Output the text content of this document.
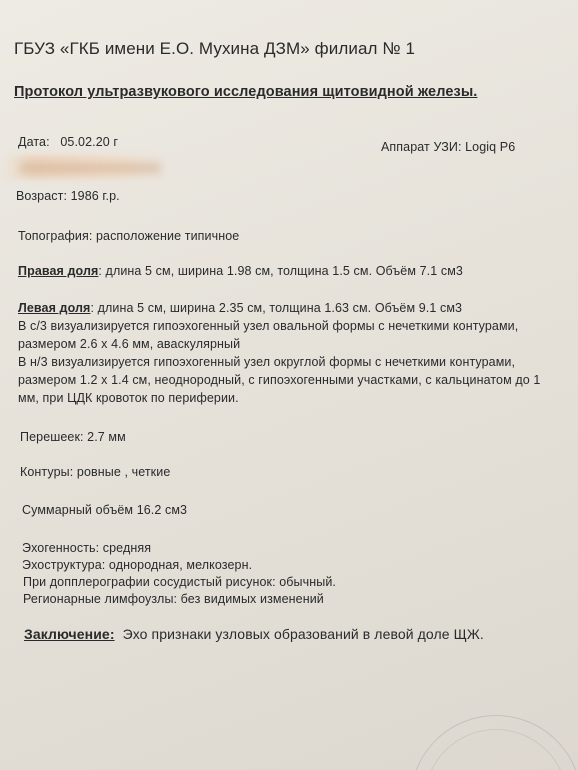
ГБУЗ «ГКБ имени Е.О. Мухина ДЗМ» филиал № 1
Протокол ультразвукового исследования щитовидной железы.
Дата: 05.02.20 г	Аппарат УЗИ: Logiq P6
Возраст: 1986 г.р.
Топография: расположение типичное
Правая доля: длина 5 см, ширина 1.98 см, толщина 1.5 см. Объём 7.1 см3
Левая доля: длина 5 см, ширина 2.35 см, толщина 1.63 см. Объём 9.1 см3
В с/3 визуализируется гипоэхогенный узел овальной формы с нечеткими контурами,
размером 2.6 х 4.6 мм, аваскулярный
В н/3 визуализируется гипоэхогенный узел округлой формы с нечеткими контурами,
размером 1.2 х 1.4 см, неоднородный, с гипоэхогенными участками, с кальцинатом до 1
мм, при ЦДК кровоток по периферии.
Перешеек: 2.7 мм
Контуры: ровные , четкие
Суммарный объём 16.2 см3
Эхогенность: средняя
Эхоструктура: однородная, мелкозерн.
При допплерографии сосудистый рисунок: обычный.
Регионарные лимфоузлы: без видимых изменений
Заключение: Эхо признаки узловых образований в левой доле ЩЖ.
